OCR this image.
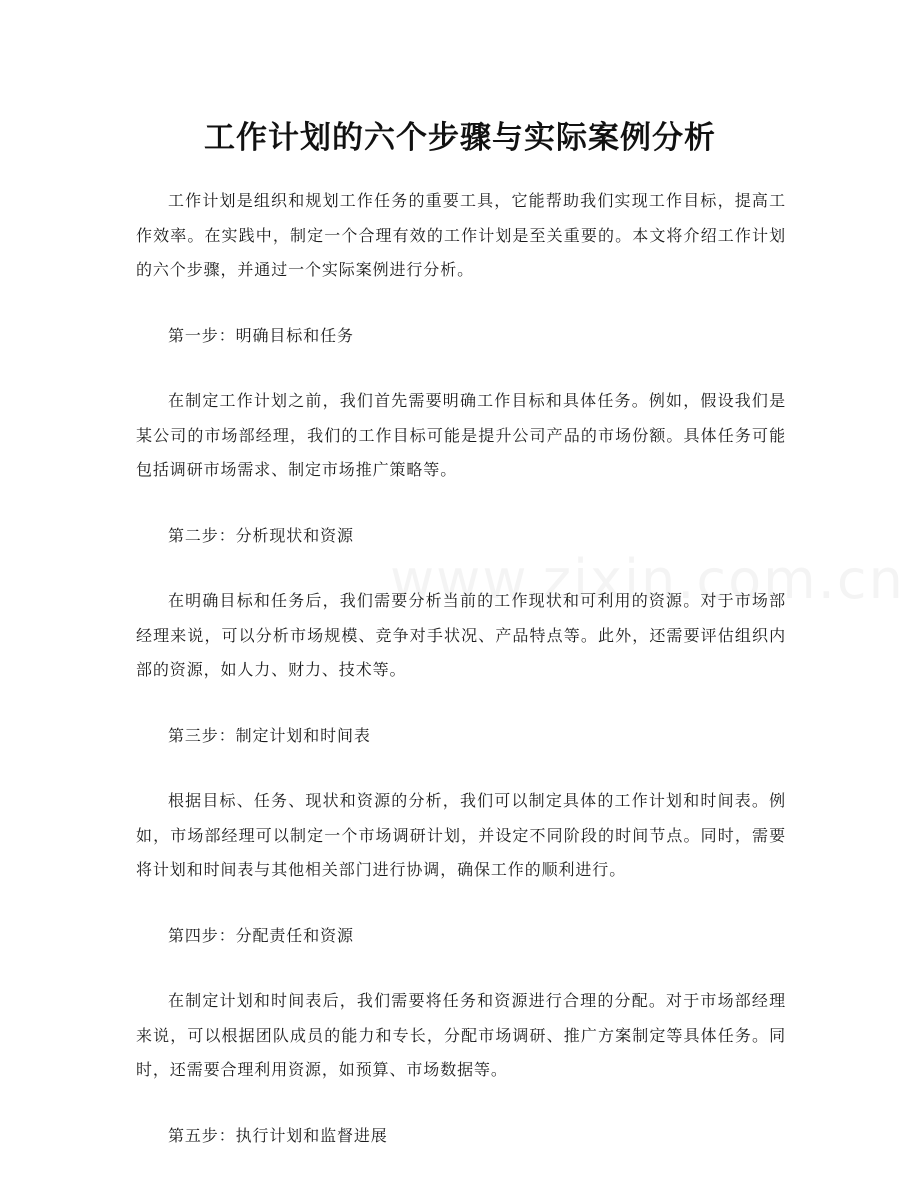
工作计划的六个步骤与实际案例分析

工作计划是组织和规划工作任务的重要工具，它能帮助我们实现工作目标，提高工作效率。在实践中，制定一个合理有效的工作计划是至关重要的。本文将介绍工作计划的六个步骤，并通过一个实际案例进行分析。

第一步：明确目标和任务

在制定工作计划之前，我们首先需要明确工作目标和具体任务。例如，假设我们是某公司的市场部经理，我们的工作目标可能是提升公司产品的市场份额。具体任务可能包括调研市场需求、制定市场推广策略等。

第二步：分析现状和资源

在明确目标和任务后，我们需要分析当前的工作现状和可利用的资源。对于市场部经理来说，可以分析市场规模、竞争对手状况、产品特点等。此外，还需要评估组织内部的资源，如人力、财力、技术等。

第三步：制定计划和时间表

根据目标、任务、现状和资源的分析，我们可以制定具体的工作计划和时间表。例如，市场部经理可以制定一个市场调研计划，并设定不同阶段的时间节点。同时，需要将计划和时间表与其他相关部门进行协调，确保工作的顺利进行。

第四步：分配责任和资源

在制定计划和时间表后，我们需要将任务和资源进行合理的分配。对于市场部经理来说，可以根据团队成员的能力和专长，分配市场调研、推广方案制定等具体任务。同时，还需要合理利用资源，如预算、市场数据等。

第五步：执行计划和监督进展
